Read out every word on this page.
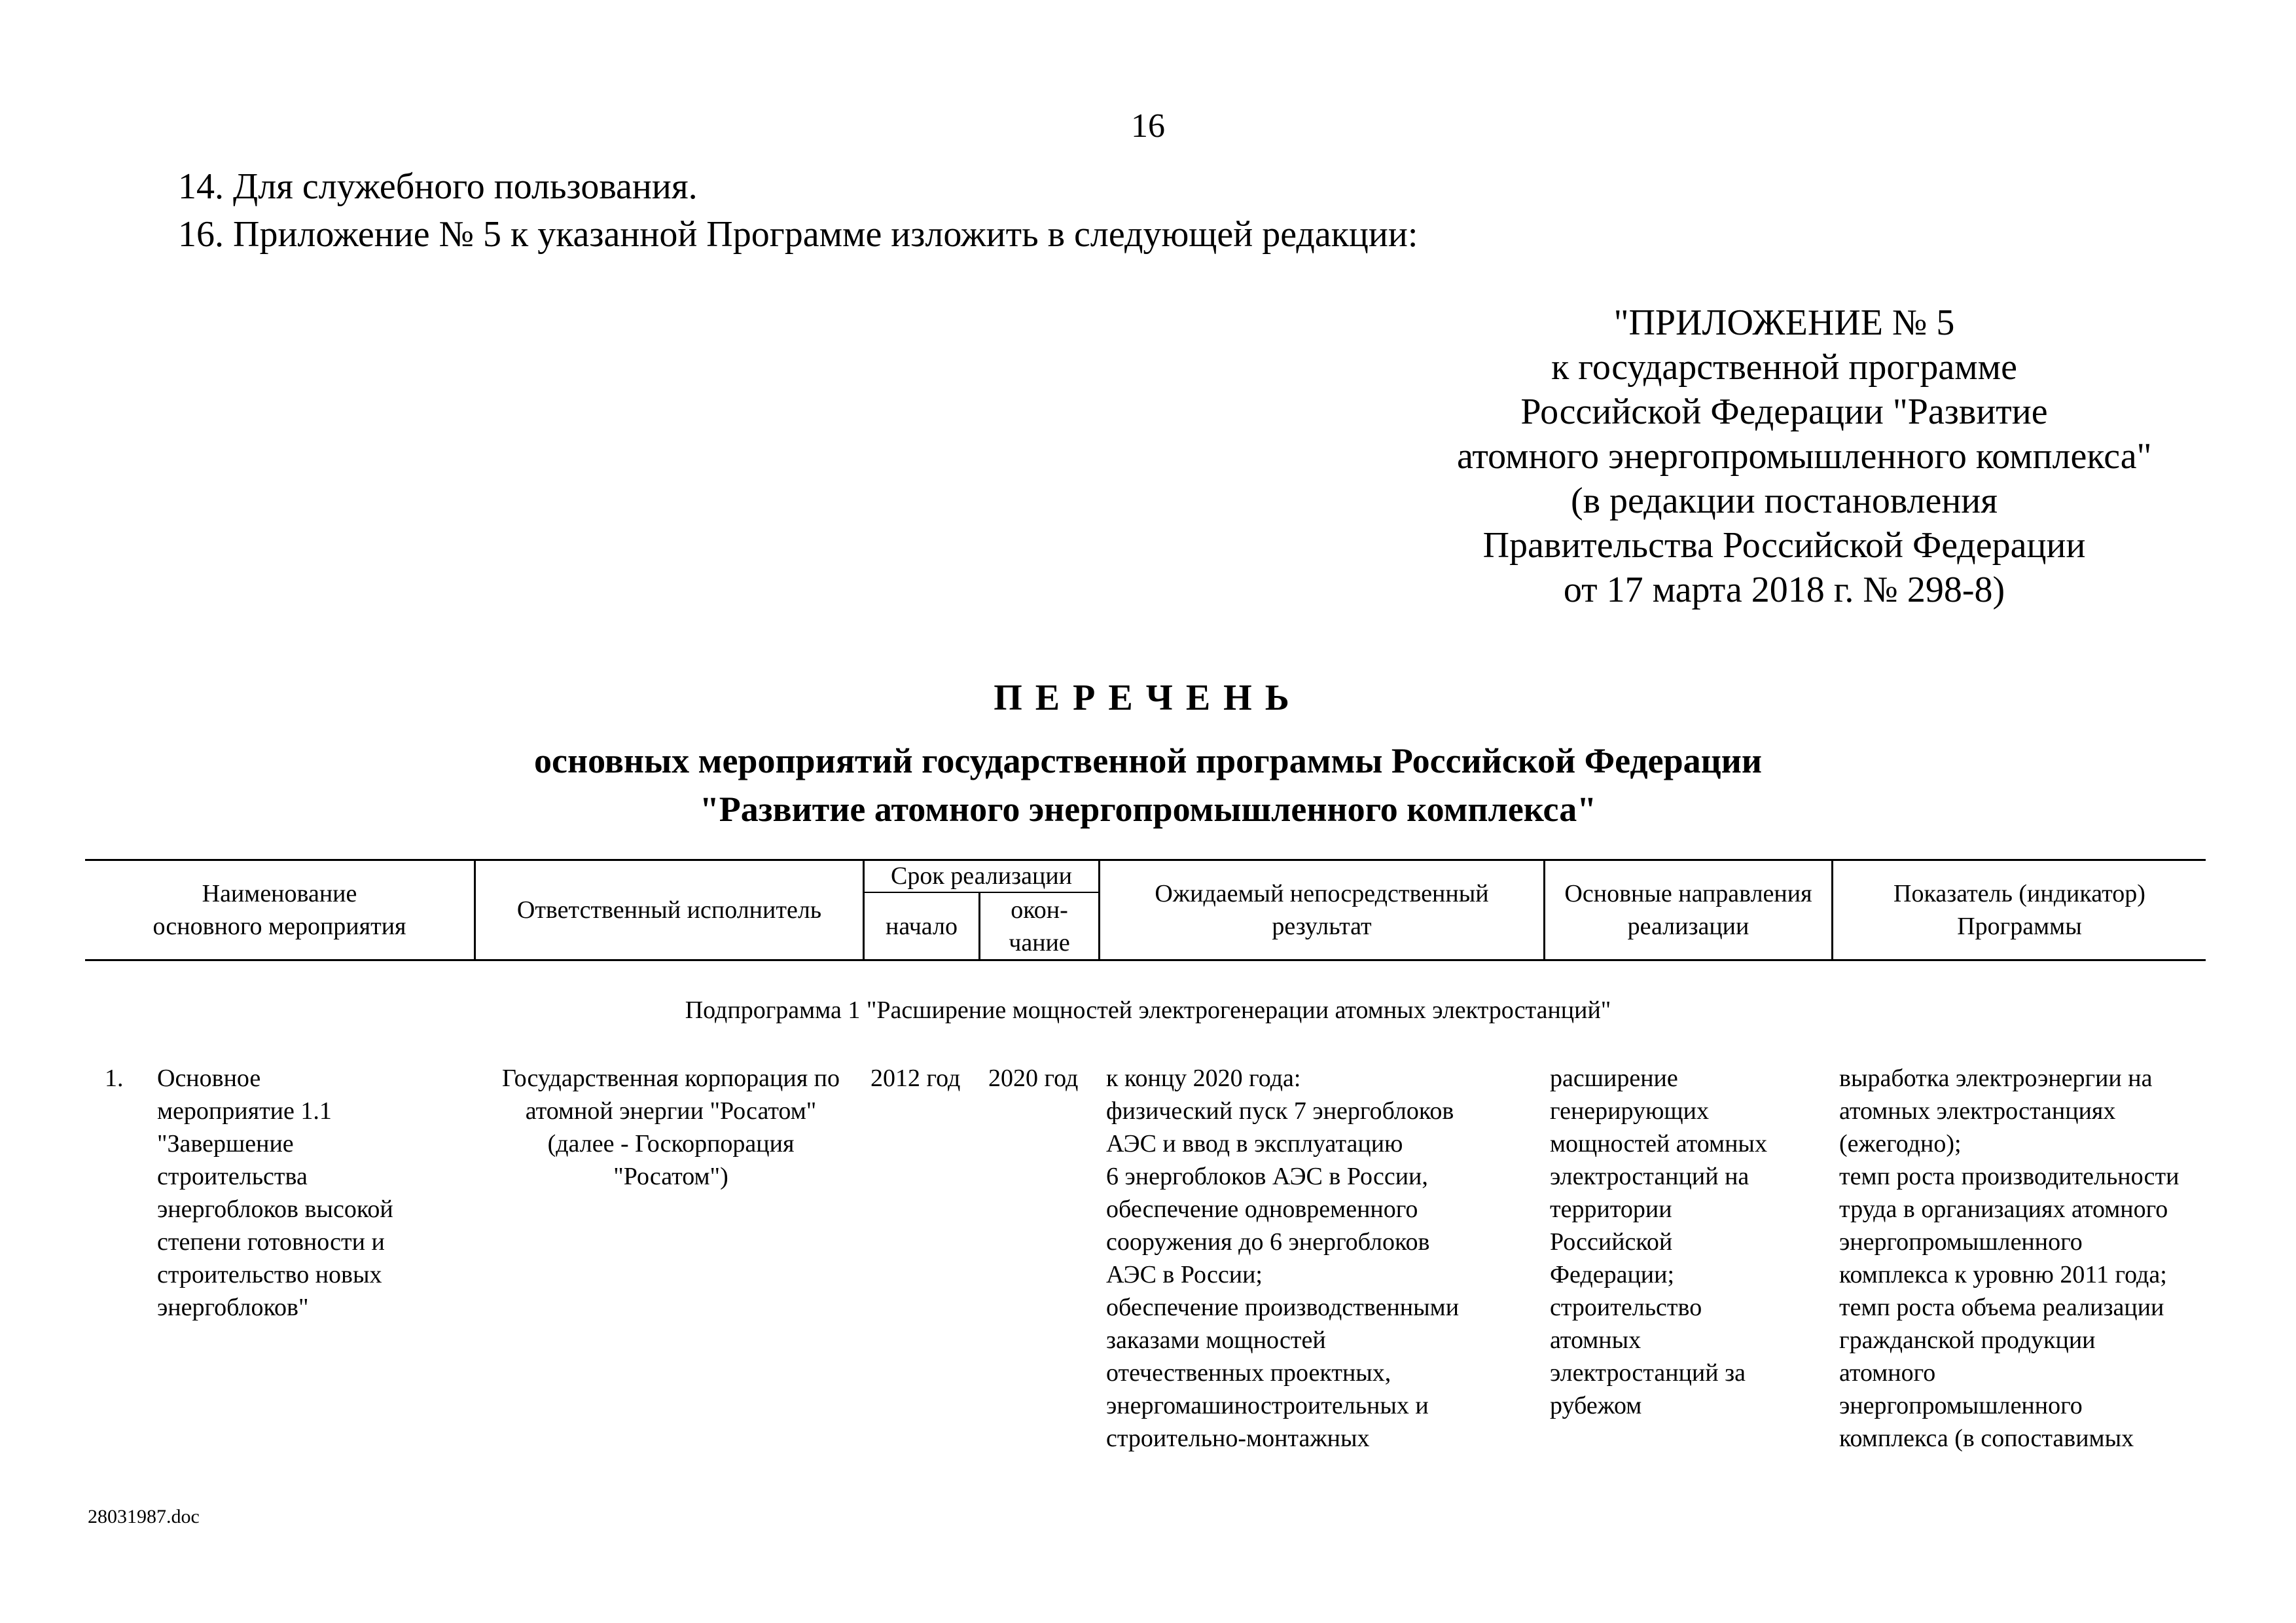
16
14. Для служебного пользования.
16. Приложение № 5 к указанной Программе изложить в следующей редакции:
"ПРИЛОЖЕНИЕ № 5
к государственной программе
Российской Федерации "Развитие
атомного энергопромышленного комплекса"
(в редакции постановления
Правительства Российской Федерации
от 17 марта 2018 г. № 298-8)
ПЕРЕЧЕНЬ
основных мероприятий государственной программы Российской Федерации
"Развитие атомного энергопромышленного комплекса"
Наименование
основного мероприятия
Ответственный исполнитель
Срок реализации
начало
окон-
чание
Ожидаемый непосредственный
результат
Основные направления
реализации
Показатель (индикатор)
Программы
Подпрограмма 1 "Расширение мощностей электрогенерации атомных электростанций"
1. Основное
мероприятие 1.1
"Завершение
строительства
энергоблоков высокой
степени готовности и
строительство новых
энергоблоков"
Государственная корпорация по
атомной энергии "Росатом"
(далее - Госкорпорация
"Росатом")
2012 год 2020 год к концу 2020 года:
физический пуск 7 энергоблоков
АЭС и ввод в эксплуатацию
6 энергоблоков АЭС в России,
обеспечение одновременного
сооружения до 6 энергоблоков
АЭС в России;
обеспечение производственными
заказами мощностей
отечественных проектных,
энергомашиностроительных и
строительно-монтажных
расширение
генерирующих
мощностей атомных
электростанций на
территории
Российской
Федерации;
строительство
атомных
электростанций за
рубежом
выработка электроэнергии на
атомных электростанциях
(ежегодно);
темп роста производительности
труда в организациях атомного
энергопромышленного
комплекса к уровню 2011 года;
темп роста объема реализации
гражданской продукции
атомного
энергопромышленного
комплекса (в сопоставимых
28031987.doc
